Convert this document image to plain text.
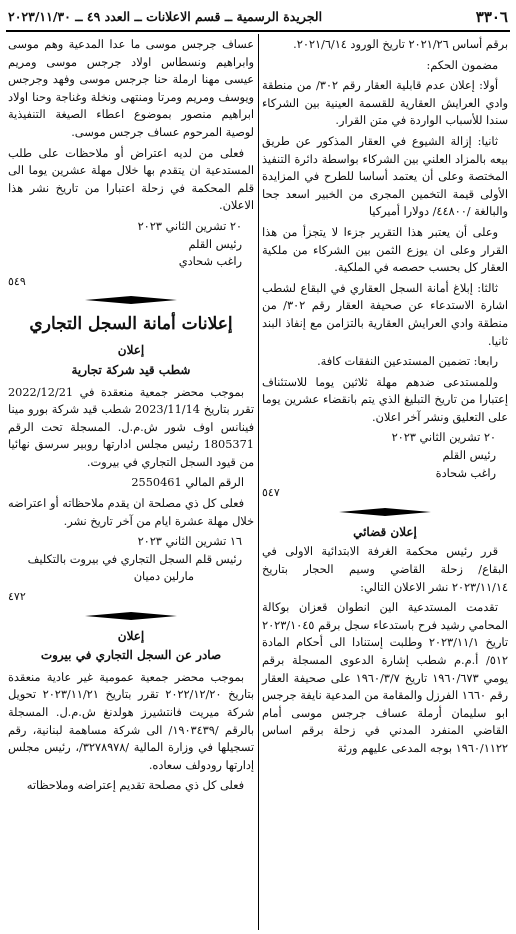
٣٣٠٦
الجريدة الرسمية ــ قسم الاعلانات ــ العدد ٤٩ ــ ٢٠٢٣/١١/٣٠

برقم أساس ٢٠٢١/٢٦ تاريخ الورود ٢٠٢١/٦/١٤.

مضمون الحكم:

أولا: إعلان عدم قابلية العقار رقم ٣٠٢/ من منطقة وادي العرايش العقارية للقسمة العينية بين الشركاء سندا للأسباب الواردة في متن القرار.

ثانيا: إزالة الشيوع في العقار المذكور عن طريق بيعه بالمزاد العلني بين الشركاء بواسطة دائرة التنفيذ المختصة وعلى أن يعتمد أساسا للطرح في المزايدة الأولى قيمة التخمين المجرى من الخبير اسعد جحا والبالغة /٤٤٨٠٠/ دولارا أميركيا

وعلى أن يعتبر هذا التقرير جزءا لا يتجزأ من هذا القرار وعلى ان يوزع الثمن بين الشركاء من ملكية العقار كل بحسب حصصه في الملكية.

ثالثا: إبلاغ أمانة السجل العقاري في البقاع لشطب اشارة الاستدعاء عن صحيفة العقار رقم ٣٠٢/ من منطقة وادي العرايش العقارية بالتزامن مع إنفاذ البند ثانيا.

رابعا: تضمين المستدعين النفقات كافة.

وللمستدعى ضدهم مهلة ثلاثين يوما للاستئناف إعتبارا من تاريخ التبليغ الذي يتم بانقضاء عشرين يوما على التعليق ونشر آخر اعلان.

٢٠ تشرين الثاني ٢٠٢٣

رئيس القلم

راغب شحادة

٥٤٧

إعلان قضائي

قرر رئيس محكمة الغرفة الابتدائية الاولى في البقاع/ زحلة القاضي وسيم الحجار بتاريخ ٢٠٢٣/١١/١٤ نشر الاعلان التالي:

تقدمت المستدعية الين انطوان قعزان بوكالة المحامي رشيد فرح باستدعاء سجل برقم ٢٠٢٣/١٠٤٥ تاريخ ٢٠٢٣/١١/١ وطلبت إستنادا الى أحكام المادة ٥١٢/ أ.م.م شطب إشارة الدعوى المسجلة برقم يومي ١٩٦٠/٦٧٣ تاريخ ١٩٦٠/٣/٧ على صحيفة العقار رقم ١٦٦٠ الفرزل والمقامة من المدعية نايفة جرجس ابو سليمان أرملة عساف جرجس موسى أمام القاضي المنفرد المدني في زحلة برقم اساس ١٩٦٠/١١٢٢ بوجه المدعى عليهم ورثة

عساف جرجس موسى ما عدا المدعية وهم موسى وابراهيم ونسطاس اولاد جرجس موسى ومريم عيسى مهنا ارملة حنا جرجس موسى وفهد وجرجس ويوسف ومريم ومرتا ومنتهى ونخلة وغناجة وحنا اولاد ابراهيم منصور بموضوع اعطاء الصيغة التنفيذية لوصية المرحوم عساف جرجس موسى.

فعلى من لديه اعتراض أو ملاحظات على طلب المستدعية ان يتقدم بها خلال مهلة عشرين يوما الى قلم المحكمة في زحلة اعتبارا من تاريخ نشر هذا الاعلان.

٢٠ تشرين الثاني ٢٠٢٣

رئيس القلم

راغب شحادي

٥٤٩

إعلانات أمانة السجل التجاري

إعلان

شطب قيد شركة تجارية

بموجب محضر جمعية منعقدة في 2022/12/21 تقرر بتاريخ 2023/11/14 شطب قيد شركة بورو مينا فينانس اوف شور ش.م.ل. المسجلة تحت الرقم 1805371 رئيس مجلس ادارتها روبير سرسق نهائيا من قيود السجل التجاري في بيروت.

الرقم المالي 2550461

فعلى كل ذي مصلحة ان يقدم ملاحظاته أو اعتراضه خلال مهلة عشرة ايام من آخر تاريخ نشر.

١٦ تشرين الثاني ٢٠٢٣

رئيس قلم السجل التجاري في بيروت بالتكليف

مارلين دميان

٤٧٢

إعلان

صادر عن السجل التجاري في بيروت

بموجب محضر جمعية عمومية غير عادية منعقدة بتاريخ ٢٠٢٢/١٢/٢٠ تقرر بتاريخ ٢٠٢٣/١١/٢١ تحويل شركة ميريت فانتشيرز هولدنغ ش.م.ل. المسجلة بالرقم /١٩٠٣٤٣٩/ الى شركة مساهمة لبنانية، رقم تسجيلها في وزارة المالية /٣٢٧٨٩٧٨/، رئيس مجلس إدارتها رودولف سعاده.

فعلى كل ذي مصلحة تقديم إعتراضه وملاحظاته
